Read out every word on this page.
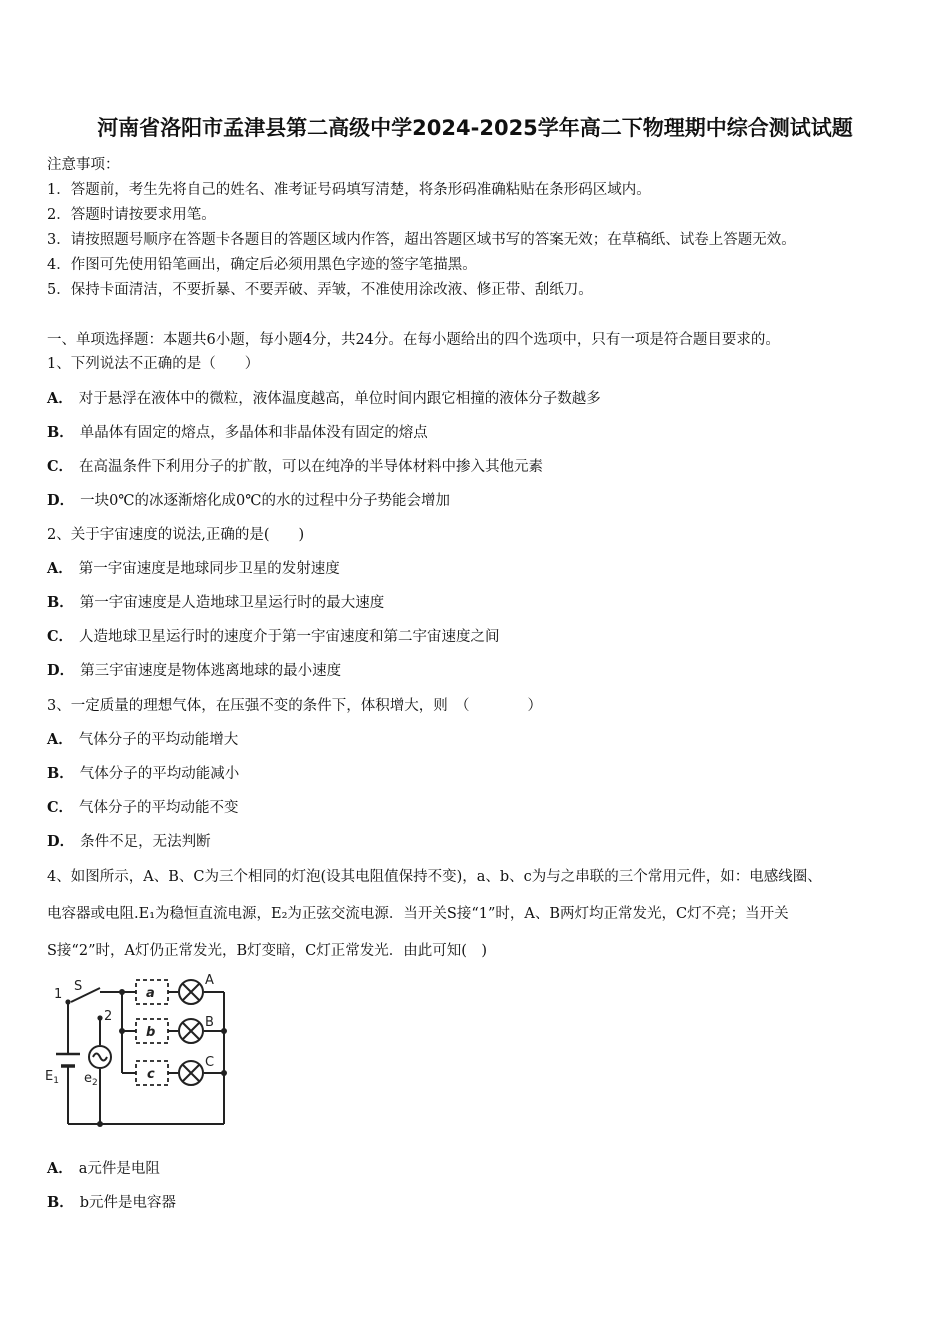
河南省洛阳市孟津县第二高级中学2024-2025学年高二下物理期中综合测试试题
注意事项：
1．答题前，考生先将自己的姓名、准考证号码填写清楚，将条形码准确粘贴在条形码区域内。
2．答题时请按要求用笔。
3．请按照题号顺序在答题卡各题目的答题区域内作答，超出答题区域书写的答案无效；在草稿纸、试卷上答题无效。
4．作图可先使用铅笔画出，确定后必须用黑色字迹的签字笔描黑。
5．保持卡面清洁，不要折暴、不要弄破、弄皱，不准使用涂改液、修正带、刮纸刀。
一、单项选择题：本题共6小题，每小题4分，共24分。在每小题给出的四个选项中，只有一项是符合题目要求的。
1、下列说法不正确的是（　　）
A． 对于悬浮在液体中的微粒，液体温度越高，单位时间内跟它相撞的液体分子数越多
B． 单晶体有固定的熔点，多晶体和非晶体没有固定的熔点
C． 在高温条件下利用分子的扩散，可以在纯净的半导体材料中掺入其他元素
D． 一块0℃的冰逐渐熔化成0℃的水的过程中分子势能会增加
2、关于宇宙速度的说法,正确的是(　　)
A． 第一宇宙速度是地球同步卫星的发射速度
B． 第一宇宙速度是人造地球卫星运行时的最大速度
C． 人造地球卫星运行时的速度介于第一宇宙速度和第二宇宙速度之间
D． 第三宇宙速度是物体逃离地球的最小速度
3、一定质量的理想气体，在压强不变的条件下，体积增大，则　（　　　　）
A． 气体分子的平均动能增大
B． 气体分子的平均动能减小
C． 气体分子的平均动能不变
D． 条件不足，无法判断
4、如图所示，A、B、C为三个相同的灯泡(设其电阻值保持不变)，a、b、c为与之串联的三个常用元件，如：电感线圈、
电容器或电阻.E₁为稳恒直流电源，E₂为正弦交流电源．当开关S接“1”时，A、B两灯均正常发光，C灯不亮；当开关
S接“2”时，A灯仍正常发光，B灯变暗，C灯正常发光．由此可知(　)
1
S
2
a
b
c
A
B
C
$E_1$ $e_2$
A． a元件是电阻
B． b元件是电容器
